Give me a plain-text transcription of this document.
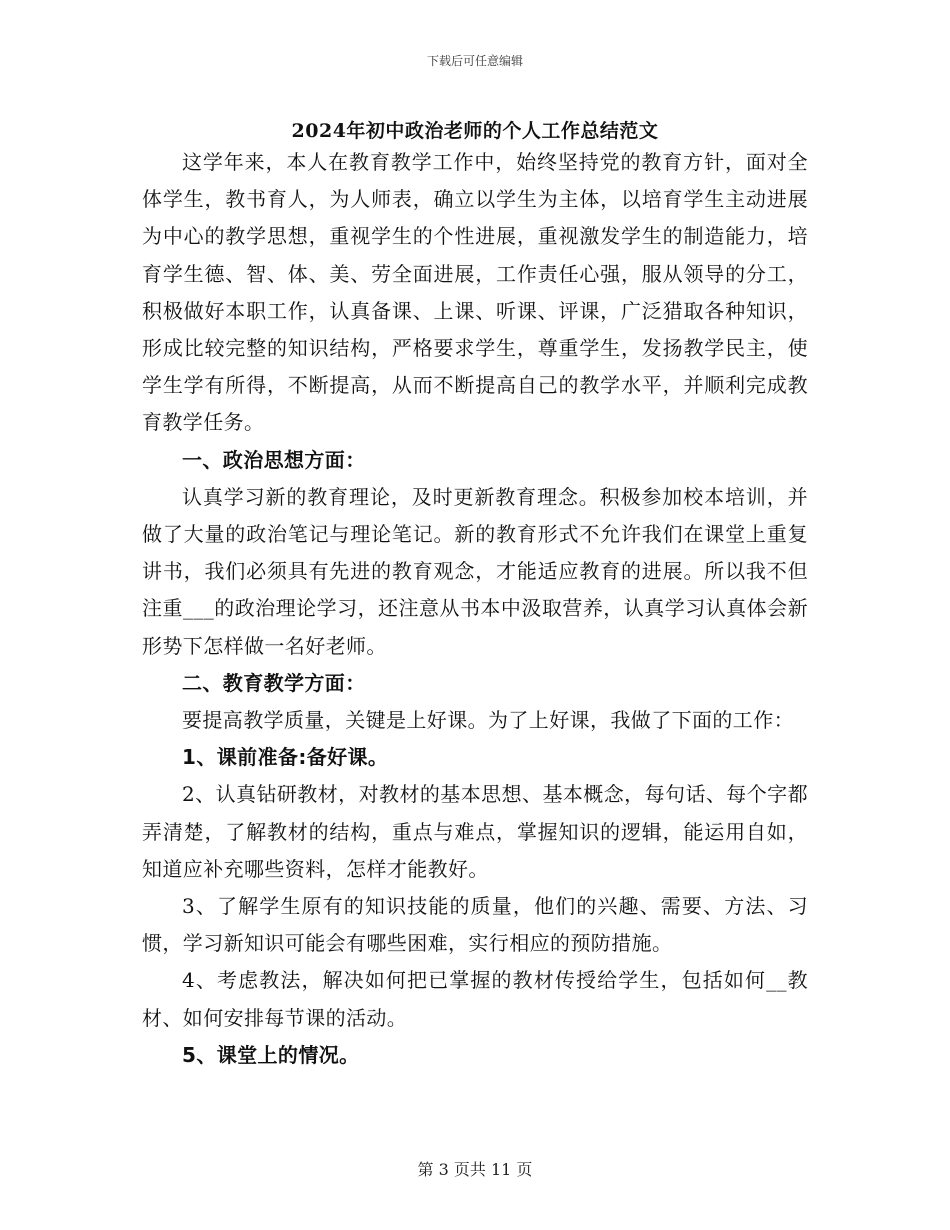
下载后可任意编辑
2024年初中政治老师的个人工作总结范文

这学年来，本人在教育教学工作中，始终坚持党的教育方针，面对全体学生，教书育人，为人师表，确立以学生为主体，以培育学生主动进展为中心的教学思想，重视学生的个性进展，重视激发学生的制造能力，培育学生德、智、体、美、劳全面进展，工作责任心强，服从领导的分工，积极做好本职工作，认真备课、上课、听课、评课，广泛猎取各种知识，形成比较完整的知识结构，严格要求学生，尊重学生，发扬教学民主，使学生学有所得，不断提高，从而不断提高自己的教学水平，并顺利完成教育教学任务。

一、政治思想方面：

认真学习新的教育理论，及时更新教育理念。积极参加校本培训，并做了大量的政治笔记与理论笔记。新的教育形式不允许我们在课堂上重复讲书，我们必须具有先进的教育观念，才能适应教育的进展。所以我不但注重___的政治理论学习，还注意从书本中汲取营养，认真学习认真体会新形势下怎样做一名好老师。

二、教育教学方面：

要提高教学质量，关键是上好课。为了上好课，我做了下面的工作：

1、课前准备:备好课。

2、认真钻研教材，对教材的基本思想、基本概念，每句话、每个字都弄清楚，了解教材的结构，重点与难点，掌握知识的逻辑，能运用自如，知道应补充哪些资料，怎样才能教好。

3、了解学生原有的知识技能的质量，他们的兴趣、需要、方法、习惯，学习新知识可能会有哪些困难，实行相应的预防措施。

4、考虑教法，解决如何把已掌握的教材传授给学生，包括如何__教材、如何安排每节课的活动。

5、课堂上的情况。

第 3 页共 11 页
